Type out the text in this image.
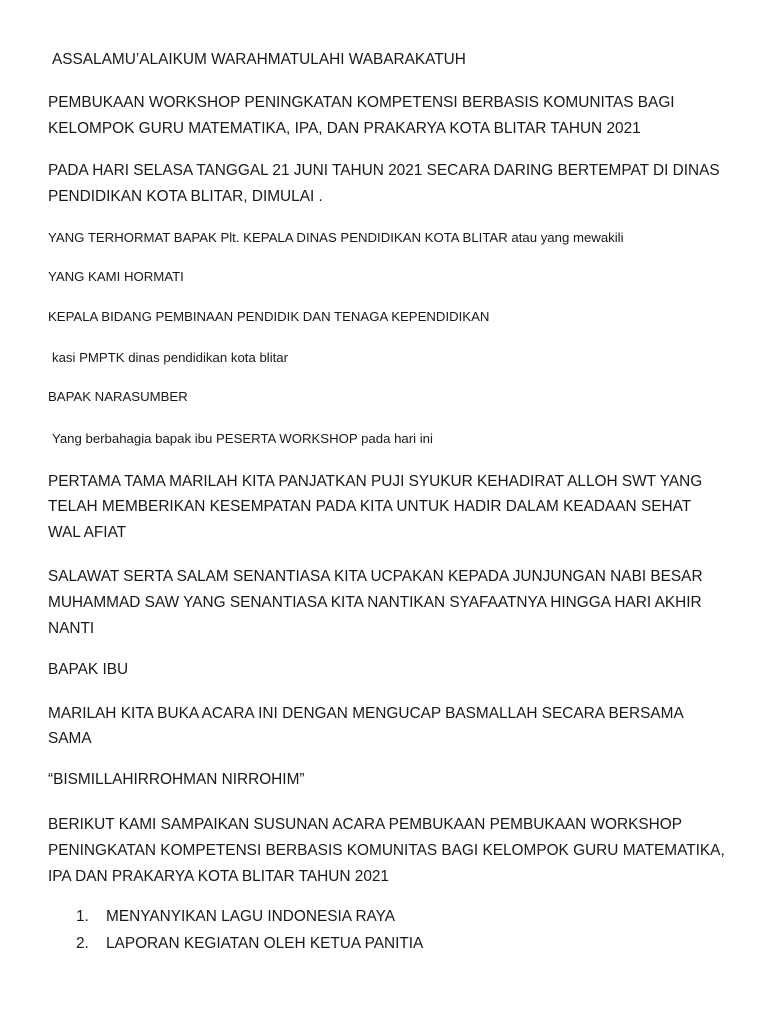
ASSALAMU’ALAIKUM WARAHMATULAHI WABARAKATUH

PEMBUKAAN WORKSHOP PENINGKATAN KOMPETENSI BERBASIS KOMUNITAS BAGI

KELOMPOK GURU MATEMATIKA, IPA, DAN PRAKARYA KOTA BLITAR TAHUN 2021

PADA HARI SELASA TANGGAL 21 JUNI TAHUN 2021 SECARA DARING BERTEMPAT DI DINAS

PENDIDIKAN KOTA BLITAR, DIMULAI .

YANG TERHORMAT BAPAK Plt. KEPALA DINAS PENDIDIKAN KOTA BLITAR atau yang mewakili

YANG KAMI HORMATI

KEPALA BIDANG PEMBINAAN PENDIDIK DAN TENAGA KEPENDIDIKAN

kasi PMPTK dinas pendidikan kota blitar

BAPAK NARASUMBER

Yang berbahagia bapak ibu PESERTA WORKSHOP pada hari ini

PERTAMA TAMA MARILAH KITA PANJATKAN PUJI SYUKUR KEHADIRAT ALLOH SWT YANG

TELAH MEMBERIKAN KESEMPATAN PADA KITA UNTUK HADIR DALAM KEADAAN SEHAT

WAL AFIAT

SALAWAT SERTA SALAM SENANTIASA KITA UCPAKAN KEPADA JUNJUNGAN NABI BESAR

MUHAMMAD SAW YANG SENANTIASA KITA NANTIKAN SYAFAATNYA HINGGA HARI AKHIR

NANTI

BAPAK IBU

MARILAH KITA BUKA ACARA INI DENGAN MENGUCAP BASMALLAH SECARA BERSAMA

SAMA

“BISMILLAHIRROHMAN NIRROHIM”

BERIKUT KAMI SAMPAIKAN SUSUNAN ACARA PEMBUKAAN PEMBUKAAN WORKSHOP

PENINGKATAN KOMPETENSI BERBASIS KOMUNITAS BAGI KELOMPOK GURU MATEMATIKA,

IPA DAN PRAKARYA KOTA BLITAR TAHUN 2021

1. MENYANYIKAN LAGU INDONESIA RAYA
2. LAPORAN KEGIATAN OLEH KETUA PANITIA
